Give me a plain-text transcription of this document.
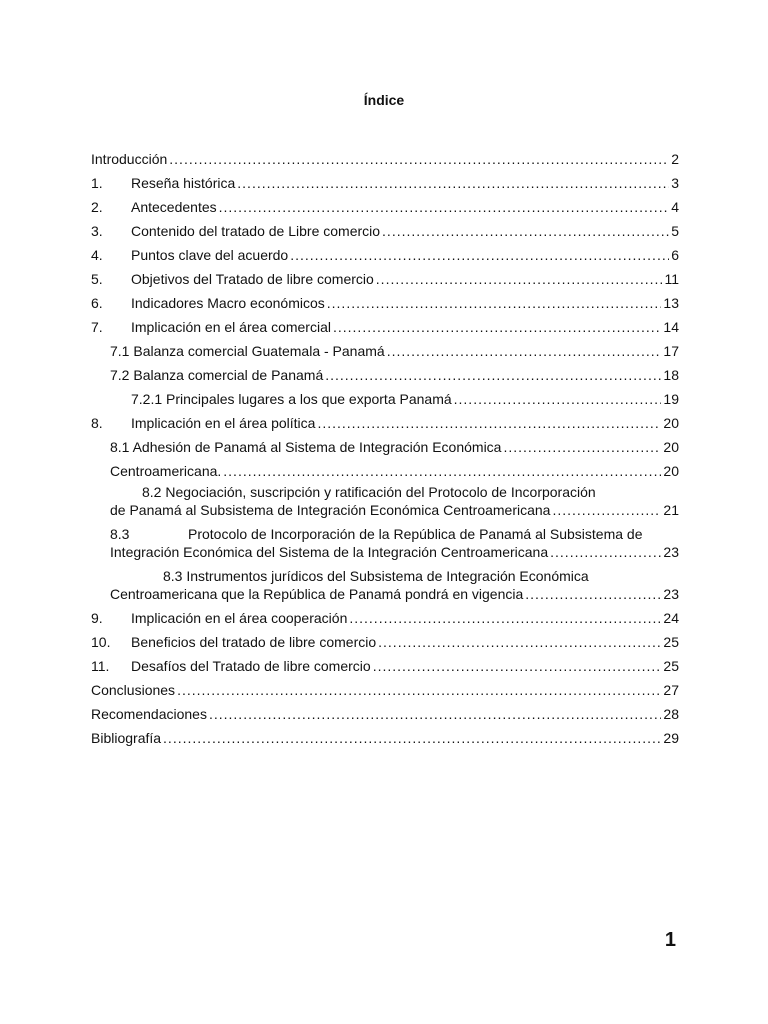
Índice
Introducción .....	2
1.	Reseña histórica .....	3
2.	Antecedentes .....	4
3.	Contenido del tratado de Libre comercio .....	5
4.	Puntos clave del acuerdo .....	6
5.	Objetivos del Tratado de libre comercio .....	11
6.	Indicadores Macro económicos .....	13
7.	Implicación en el área comercial .....	14
7.1 Balanza comercial Guatemala - Panamá .....	17
7.2 Balanza comercial de Panamá .....	18
7.2.1 Principales lugares a los que exporta Panamá .....	19
8.	Implicación en el área política .....	20
8.1 Adhesión de Panamá al Sistema de Integración Económica .....	20
Centroamericana. .....	20
8.2 Negociación, suscripción y ratificación del Protocolo de Incorporación
de Panamá al Subsistema de Integración Económica Centroamericana .....	21
8.3	Protocolo de Incorporación de la República de Panamá al Subsistema de
Integración Económica del Sistema de la Integración Centroamericana .....	23
8.3 Instrumentos jurídicos del Subsistema de Integración Económica
Centroamericana que la República de Panamá pondrá en vigencia .....	23
9.	Implicación en el área cooperación .....	24
10.	Beneficios del tratado de libre comercio .....	25
11.	Desafíos del Tratado de libre comercio .....	25
Conclusiones .....	27
Recomendaciones .....	28
Bibliografía .....	29
1
